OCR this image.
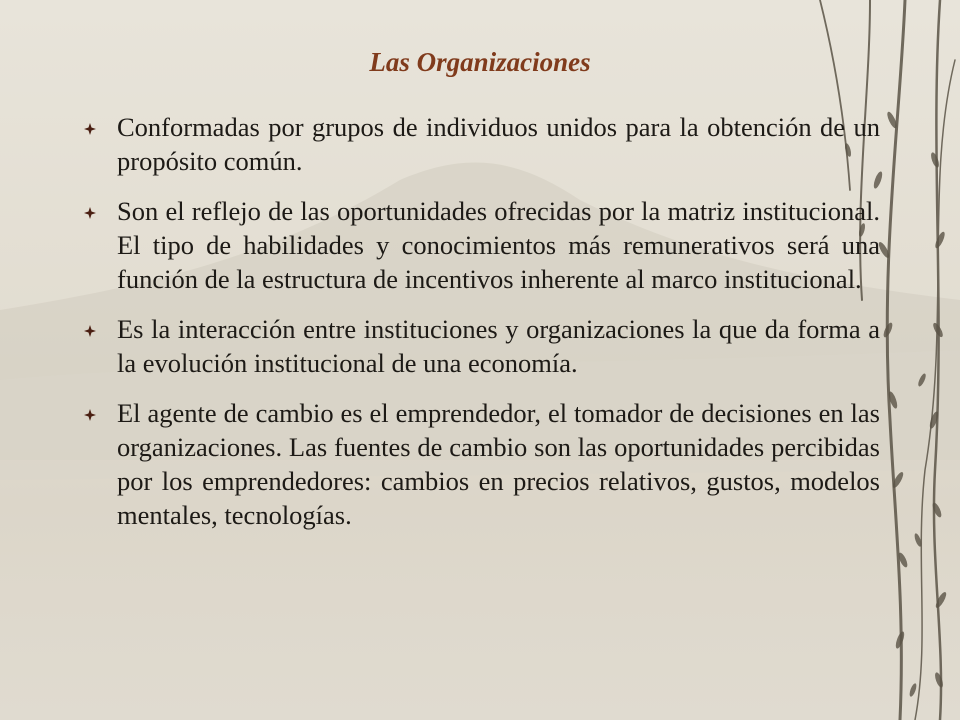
Las Organizaciones
Conformadas por grupos de individuos unidos para la obtención de un propósito común.
Son el reflejo de las oportunidades ofrecidas por la matriz institucional. El tipo de habilidades y conocimientos más remunerativos será una función de la estructura de incentivos inherente al marco institucional.
Es la interacción entre instituciones y organizaciones la que da forma a la evolución institucional de una economía.
El agente de cambio es el emprendedor, el tomador de decisiones en las organizaciones. Las fuentes de cambio son las oportunidades percibidas por los emprendedores: cambios en precios relativos, gustos, modelos mentales, tecnologías.
